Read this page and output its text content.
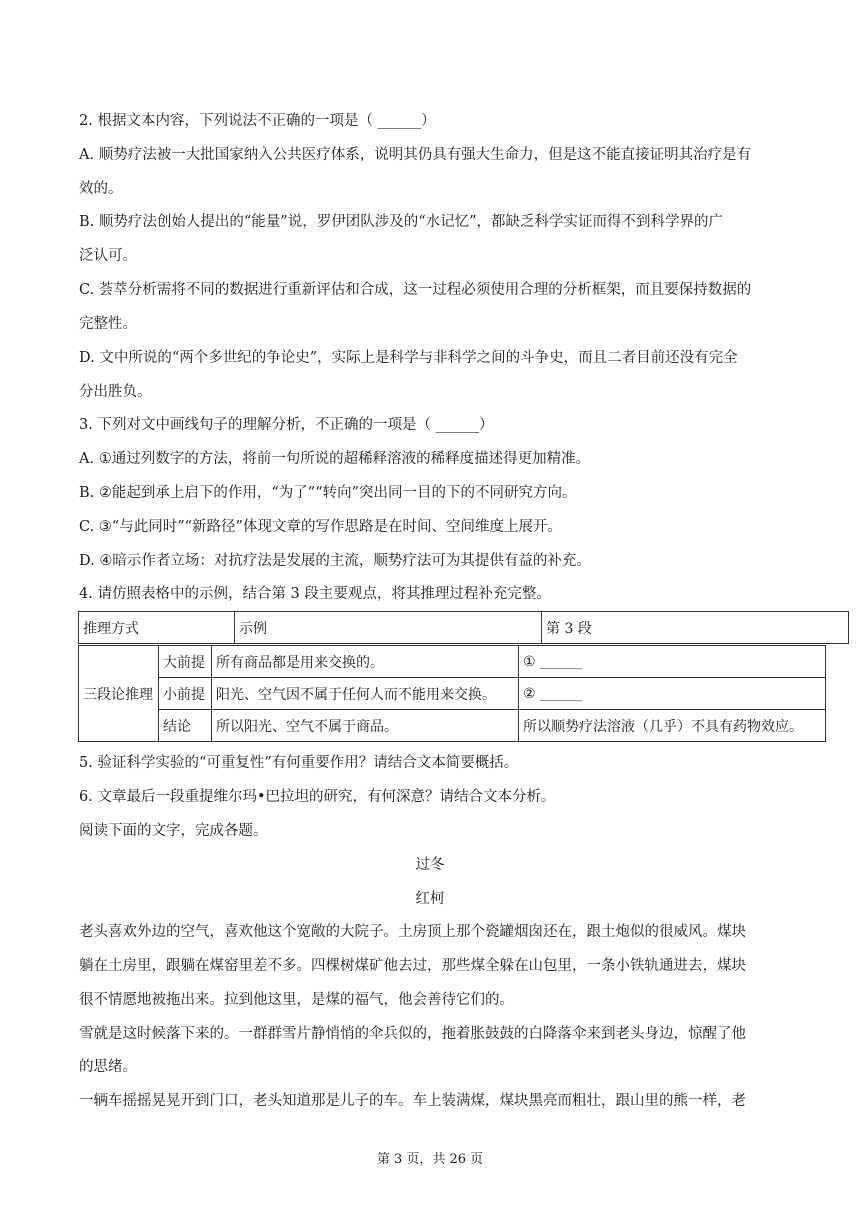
2. 根据文本内容，下列说法不正确的一项是（ ______）
A. 顺势疗法被一大批国家纳入公共医疗体系，说明其仍具有强大生命力，但是这不能直接证明其治疗是有
效的。
B. 顺势疗法创始人提出的“能量”说，罗伊团队涉及的“水记忆”，都缺乏科学实证而得不到科学界的广
泛认可。
C. 荟萃分析需将不同的数据进行重新评估和合成，这一过程必须使用合理的分析框架，而且要保持数据的
完整性。
D. 文中所说的“两个多世纪的争论史”，实际上是科学与非科学之间的斗争史，而且二者目前还没有完全
分出胜负。
3. 下列对文中画线句子的理解分析，不正确的一项是（ ______）
A. ①通过列数字的方法，将前一句所说的超稀释溶液的稀释度描述得更加精准。
B. ②能起到承上启下的作用，“为了”“转向”突出同一目的下的不同研究方向。
C. ③“与此同时”“新路径”体现文章的写作思路是在时间、空间维度上展开。
D. ④暗示作者立场：对抗疗法是发展的主流，顺势疗法可为其提供有益的补充。
4. 请仿照表格中的示例，结合第 3 段主要观点，将其推理过程补充完整。
推理方式	示例	第 3 段
三段论推理	大前提	所有商品都是用来交换的。	① ______
	小前提	阳光、空气因不属于任何人而不能用来交换。	② ______
	结论	所以阳光、空气不属于商品。	所以顺势疗法溶液（几乎）不具有药物效应。
5. 验证科学实验的“可重复性”有何重要作用？请结合文本简要概括。
6. 文章最后一段重提维尔玛•巴拉坦的研究，有何深意？请结合文本分析。
阅读下面的文字，完成各题。
过冬
红柯
老头喜欢外边的空气，喜欢他这个宽敞的大院子。土房顶上那个瓷罐烟囱还在，跟土炮似的很威风。煤块
躺在土房里，跟躺在煤窑里差不多。四棵树煤矿他去过，那些煤全躲在山包里，一条小铁轨通进去，煤块
很不情愿地被拖出来。拉到他这里，是煤的福气，他会善待它们的。
雪就是这时候落下来的。一群群雪片静悄悄的伞兵似的，拖着胀鼓鼓的白降落伞来到老头身边，惊醒了他
的思绪。
一辆车摇摇晃晃开到门口，老头知道那是儿子的车。车上装满煤，煤块黑亮而粗壮，跟山里的熊一样，老
第 3 页，共 26 页
